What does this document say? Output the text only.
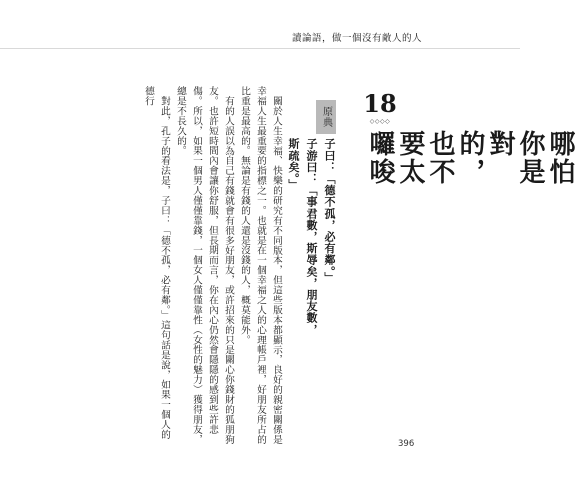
讀論語，做一個沒有敵人的人
18
◇◇◇◇
哪怕你是對的，也不要太囉唆
原典
子曰：「德不孤，必有鄰。」
子游曰：「事君數，斯辱矣，朋友數，斯疏矣。」

關於人生幸福、快樂的研究有不同版本，但這些版本都顯示，良好的親密關係是幸福人生最重要的指標之一。也就是在一個幸福之人的心理帳戶裡，好朋友所占的比重是最高的。無論是有錢的人還是沒錢的人，概莫能外。

有的人誤以為自己有錢就會有很多好朋友，或許招來的只是關心你錢財的狐朋狗友。也許短時間內會讓你舒服，但長期而言，你在內心仍然會隱隱的感到些許悲傷。所以，如果一個男人僅僅靠錢，一個女人僅僅靠性（女性的魅力）獲得朋友，總是不長久的。

對此，孔子的看法是，子曰：「德不孤，必有鄰。」這句話是說，如果一個人的德行

396
